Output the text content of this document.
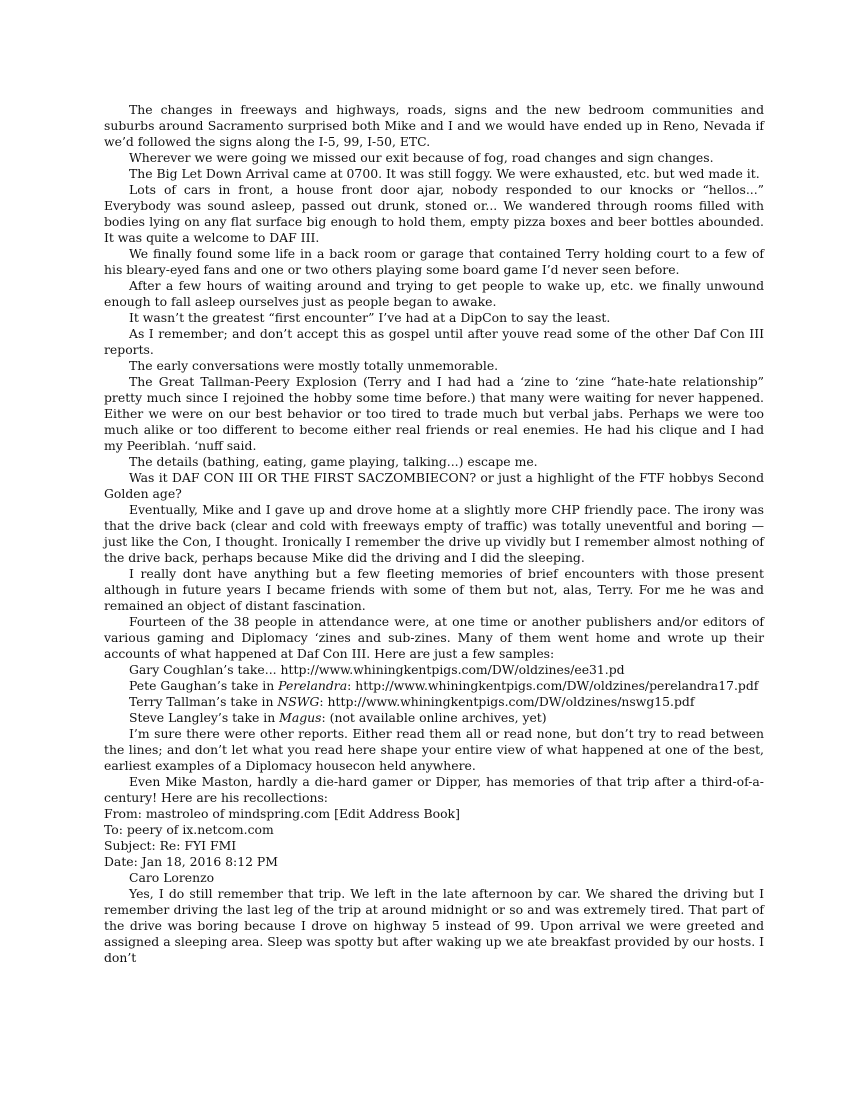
The changes in freeways and highways, roads, signs and the new bedroom communities and suburbs around Sacramento surprised both Mike and I and we would have ended up in Reno, Nevada if we’d followed the signs along the I-5, 99, I-50, ETC.

Wherever we were going we missed our exit because of fog, road changes and sign changes.

The Big Let Down Arrival came at 0700. It was still foggy. We were exhausted, etc. but wed made it.

Lots of cars in front, a house front door ajar, nobody responded to our knocks or “hellos...” Everybody was sound asleep, passed out drunk, stoned or... We wandered through rooms filled with bodies lying on any flat surface big enough to hold them, empty pizza boxes and beer bottles abounded. It was quite a welcome to DAF III.

We finally found some life in a back room or garage that contained Terry holding court to a few of his bleary-eyed fans and one or two others playing some board game I’d never seen before.

After a few hours of waiting around and trying to get people to wake up, etc. we finally unwound enough to fall asleep ourselves just as people began to awake.

It wasn’t the greatest “first encounter” I’ve had at a DipCon to say the least.

As I remember; and don’t accept this as gospel until after youve read some of the other Daf Con III reports.

The early conversations were mostly totally unmemorable.

The Great Tallman-Peery Explosion (Terry and I had had a ‘zine to ‘zine “hate-hate relationship” pretty much since I rejoined the hobby some time before.) that many were waiting for never happened. Either we were on our best behavior or too tired to trade much but verbal jabs. Perhaps we were too much alike or too different to become either real friends or real enemies. He had his clique and I had my Peeriblah. ‘nuff said.

The details (bathing, eating, game playing, talking...) escape me.

Was it DAF CON III OR THE FIRST SACZOMBIECON? or just a highlight of the FTF hobbys Second Golden age?

Eventually, Mike and I gave up and drove home at a slightly more CHP friendly pace. The irony was that the drive back (clear and cold with freeways empty of traffic) was totally uneventful and boring — just like the Con, I thought. Ironically I remember the drive up vividly but I remember almost nothing of the drive back, perhaps because Mike did the driving and I did the sleeping.

I really dont have anything but a few fleeting memories of brief encounters with those present although in future years I became friends with some of them but not, alas, Terry. For me he was and remained an object of distant fascination.

Fourteen of the 38 people in attendance were, at one time or another publishers and/or editors of various gaming and Diplomacy ‘zines and sub-zines. Many of them went home and wrote up their accounts of what happened at Daf Con III. Here are just a few samples:

Gary Coughlan’s take... http://www.whiningkentpigs.com/DW/oldzines/ee31.pd

Pete Gaughan’s take in Perelandra: http://www.whiningkentpigs.com/DW/oldzines/perelandra17.pdf

Terry Tallman’s take in NSWG: http://www.whiningkentpigs.com/DW/oldzines/nswg15.pdf

Steve Langley’s take in Magus: (not available online archives, yet)

I’m sure there were other reports. Either read them all or read none, but don’t try to read between the lines; and don’t let what you read here shape your entire view of what happened at one of the best, earliest examples of a Diplomacy housecon held anywhere.

Even Mike Maston, hardly a die-hard gamer or Dipper, has memories of that trip after a third-of-a-century! Here are his recollections:

From: mastroleo of mindspring.com [Edit Address Book]

To: peery of ix.netcom.com

Subject: Re: FYI FMI

Date: Jan 18, 2016 8:12 PM

Caro Lorenzo

Yes, I do still remember that trip. We left in the late afternoon by car. We shared the driving but I remember driving the last leg of the trip at around midnight or so and was extremely tired. That part of the drive was boring because I drove on highway 5 instead of 99. Upon arrival we were greeted and assigned a sleeping area. Sleep was spotty but after waking up we ate breakfast provided by our hosts. I don’t
